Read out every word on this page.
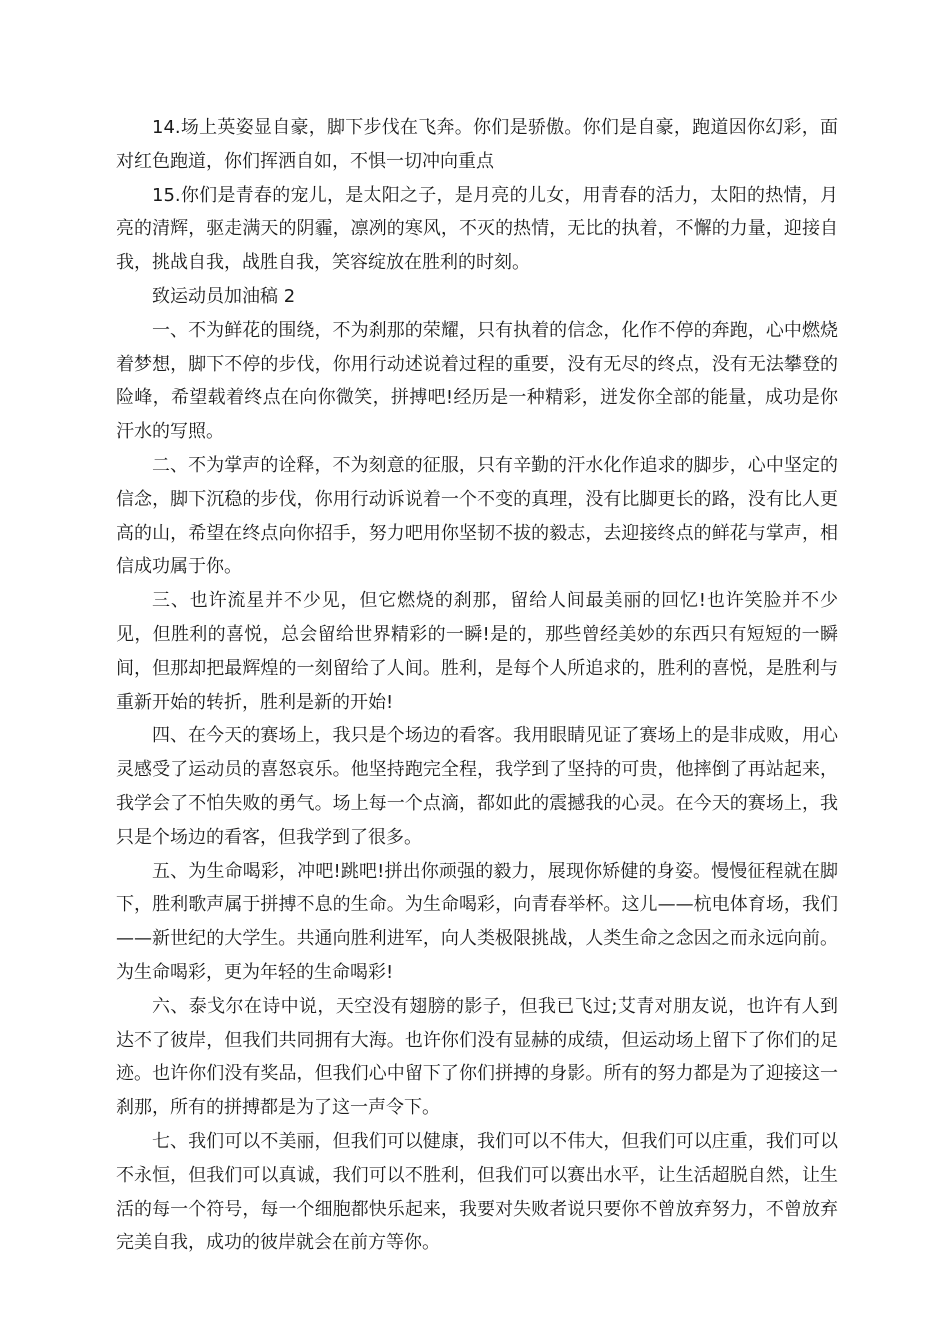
14.场上英姿显自豪，脚下步伐在飞奔。你们是骄傲。你们是自豪，跑道因你幻彩，面对红色跑道，你们挥洒自如，不惧一切冲向重点

15.你们是青春的宠儿，是太阳之子，是月亮的儿女，用青春的活力，太阳的热情，月亮的清辉，驱走满天的阴霾，凛冽的寒风，不灭的热情，无比的执着，不懈的力量，迎接自我，挑战自我，战胜自我，笑容绽放在胜利的时刻。

致运动员加油稿 2

一、不为鲜花的围绕，不为刹那的荣耀，只有执着的信念，化作不停的奔跑，心中燃烧着梦想，脚下不停的步伐，你用行动述说着过程的重要，没有无尽的终点，没有无法攀登的险峰，希望载着终点在向你微笑，拼搏吧!经历是一种精彩，迸发你全部的能量，成功是你汗水的写照。

二、不为掌声的诠释，不为刻意的征服，只有辛勤的汗水化作追求的脚步，心中坚定的信念，脚下沉稳的步伐，你用行动诉说着一个不变的真理，没有比脚更长的路，没有比人更高的山，希望在终点向你招手，努力吧用你坚韧不拔的毅志，去迎接终点的鲜花与掌声，相信成功属于你。

三、也许流星并不少见，但它燃烧的刹那，留给人间最美丽的回忆!也许笑脸并不少见，但胜利的喜悦，总会留给世界精彩的一瞬!是的，那些曾经美妙的东西只有短短的一瞬间，但那却把最辉煌的一刻留给了人间。胜利，是每个人所追求的，胜利的喜悦，是胜利与重新开始的转折，胜利是新的开始!

四、在今天的赛场上，我只是个场边的看客。我用眼睛见证了赛场上的是非成败，用心灵感受了运动员的喜怒哀乐。他坚持跑完全程，我学到了坚持的可贵，他摔倒了再站起来，我学会了不怕失败的勇气。场上每一个点滴，都如此的震撼我的心灵。在今天的赛场上，我只是个场边的看客，但我学到了很多。

五、为生命喝彩，冲吧!跳吧!拼出你顽强的毅力，展现你矫健的身姿。慢慢征程就在脚下，胜利歌声属于拼搏不息的生命。为生命喝彩，向青春举杯。这儿——杭电体育场，我们——新世纪的大学生。共通向胜利进军，向人类极限挑战，人类生命之念因之而永远向前。为生命喝彩，更为年轻的生命喝彩!

六、泰戈尔在诗中说，天空没有翅膀的影子，但我已飞过;艾青对朋友说，也许有人到达不了彼岸，但我们共同拥有大海。也许你们没有显赫的成绩，但运动场上留下了你们的足迹。也许你们没有奖品，但我们心中留下了你们拼搏的身影。所有的努力都是为了迎接这一刹那，所有的拼搏都是为了这一声令下。

七、我们可以不美丽，但我们可以健康，我们可以不伟大，但我们可以庄重，我们可以不永恒，但我们可以真诚，我们可以不胜利，但我们可以赛出水平，让生活超脱自然，让生活的每一个符号，每一个细胞都快乐起来，我要对失败者说只要你不曾放弃努力，不曾放弃完美自我，成功的彼岸就会在前方等你。
